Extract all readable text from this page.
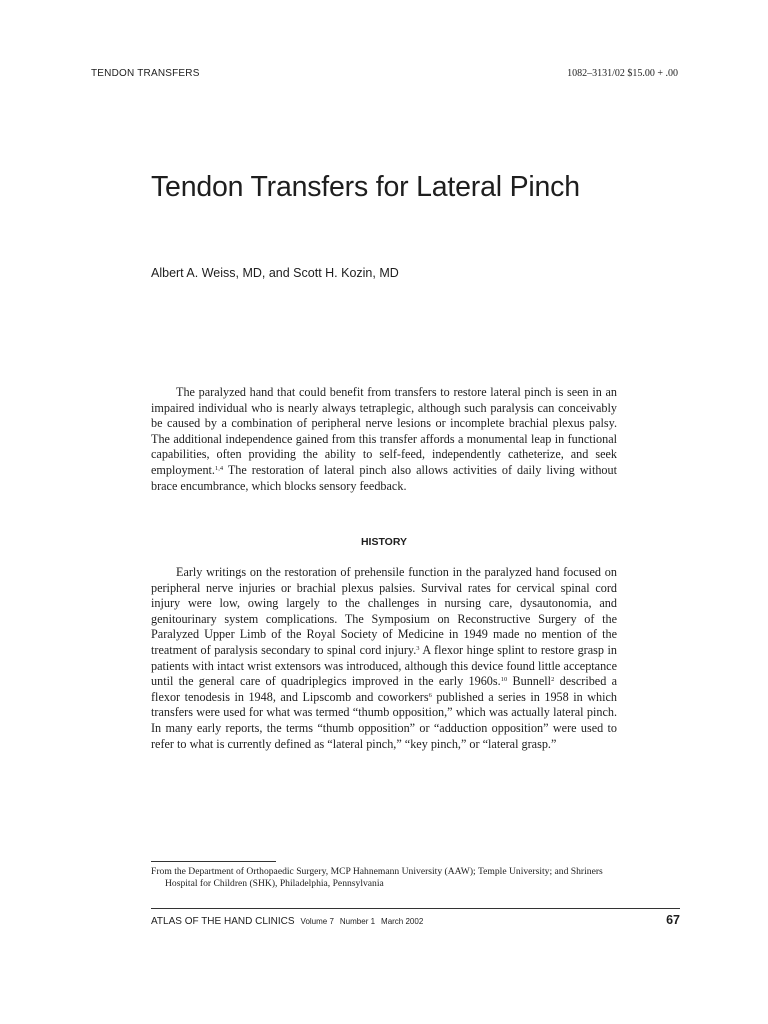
TENDON TRANSFERS	1082–3131/02 $15.00 + .00
Tendon Transfers for Lateral Pinch
Albert A. Weiss, MD, and Scott H. Kozin, MD

The paralyzed hand that could benefit from transfers to restore lateral pinch is seen in an impaired individual who is nearly always tetraplegic, although such paralysis can conceivably be caused by a combination of peripheral nerve lesions or incomplete brachial plexus palsy. The additional independence gained from this transfer affords a monumental leap in functional capabilities, often providing the ability to self-feed, independently catheterize, and seek employment.$^{1,4}$ The restoration of lateral pinch also allows activities of daily living without brace encumbrance, which blocks sensory feedback.

HISTORY

Early writings on the restoration of prehensile function in the paralyzed hand focused on peripheral nerve injuries or brachial plexus palsies. Survival rates for cervical spinal cord injury were low, owing largely to the challenges in nursing care, dysautonomia, and genitourinary system complications. The Symposium on Reconstructive Surgery of the Paralyzed Upper Limb of the Royal Society of Medicine in 1949 made no mention of the treatment of paralysis secondary to spinal cord injury.$^3$ A flexor hinge splint to restore grasp in patients with intact wrist extensors was introduced, although this device found little acceptance until the general care of quadriplegics improved in the early 1960s.$^{10}$ Bunnell$^2$ described a flexor tenodesis in 1948, and Lipscomb and coworkers$^6$ published a series in 1958 in which transfers were used for what was termed “thumb opposition,” which was actually lateral pinch. In many early reports, the terms “thumb opposition” or “adduction opposition” were used to refer to what is currently defined as “lateral pinch,” “key pinch,” or “lateral grasp.”

From the Department of Orthopaedic Surgery, MCP Hahnemann University (AAW); Temple University; and Shriners Hospital for Children (SHK), Philadelphia, Pennsylvania

ATLAS OF THE HAND CLINICS Volume 7 Number 1 March 2002	67
